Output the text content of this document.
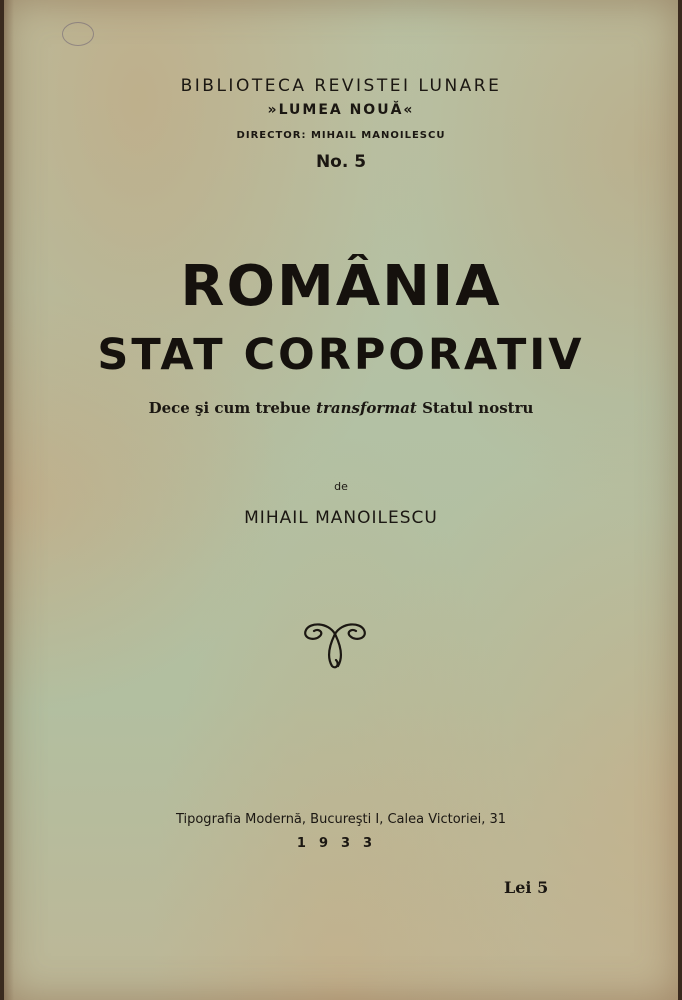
BIBLIOTECA REVISTEI LUNARE
»LUMEA NOUĂ«
DIRECTOR: MIHAIL MANOILESCU
No. 5
ROMÂNIA
STAT CORPORATIV
Dece şi cum trebue transformat Statul nostru
de
MIHAIL MANOILESCU
Tipografia Modernă, Bucureşti I, Calea Victoriei, 31
1933
Lei 5
